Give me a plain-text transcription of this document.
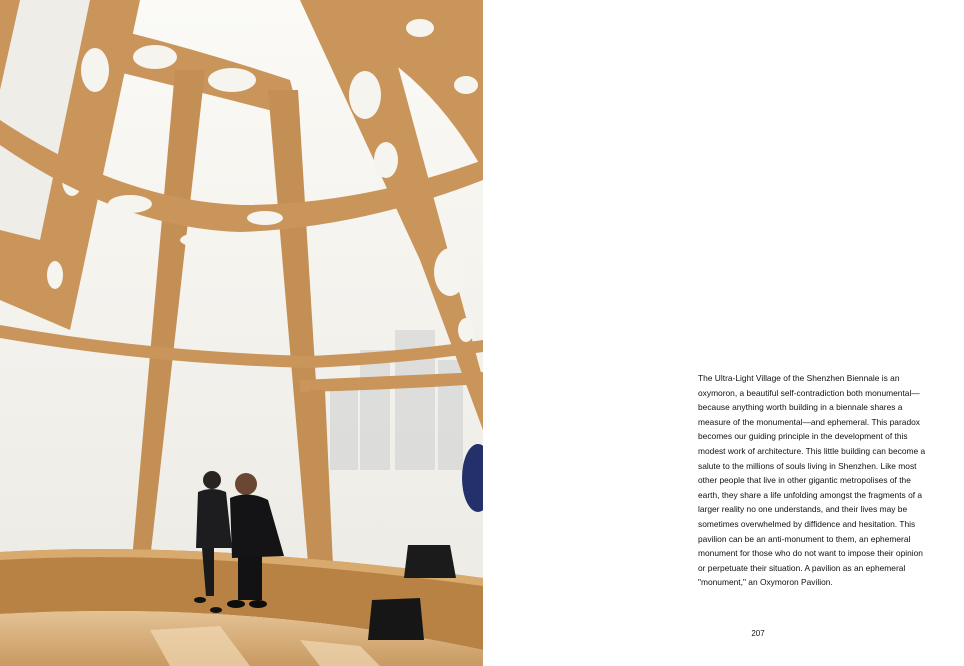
The Ultra-Light Village of the Shenzhen Biennale is an oxymoron, a beautiful self-contradiction both monumental—because anything worth building in a biennale shares a measure of the monumental—and ephemeral. This paradox becomes our guiding principle in the development of this modest work of architecture. This little building can become a salute to the millions of souls living in Shenzhen. Like most other people that live in other gigantic metropolises of the earth, they share a life unfolding amongst the fragments of a larger reality no one understands, and their lives may be sometimes overwhelmed by diffidence and hesitation. This pavilion can be an anti-monument to them, an ephemeral monument for those who do not want to impose their opinion or perpetuate their situation. A pavilion as an ephemeral "monument," an Oxymoron Pavilion.

207
